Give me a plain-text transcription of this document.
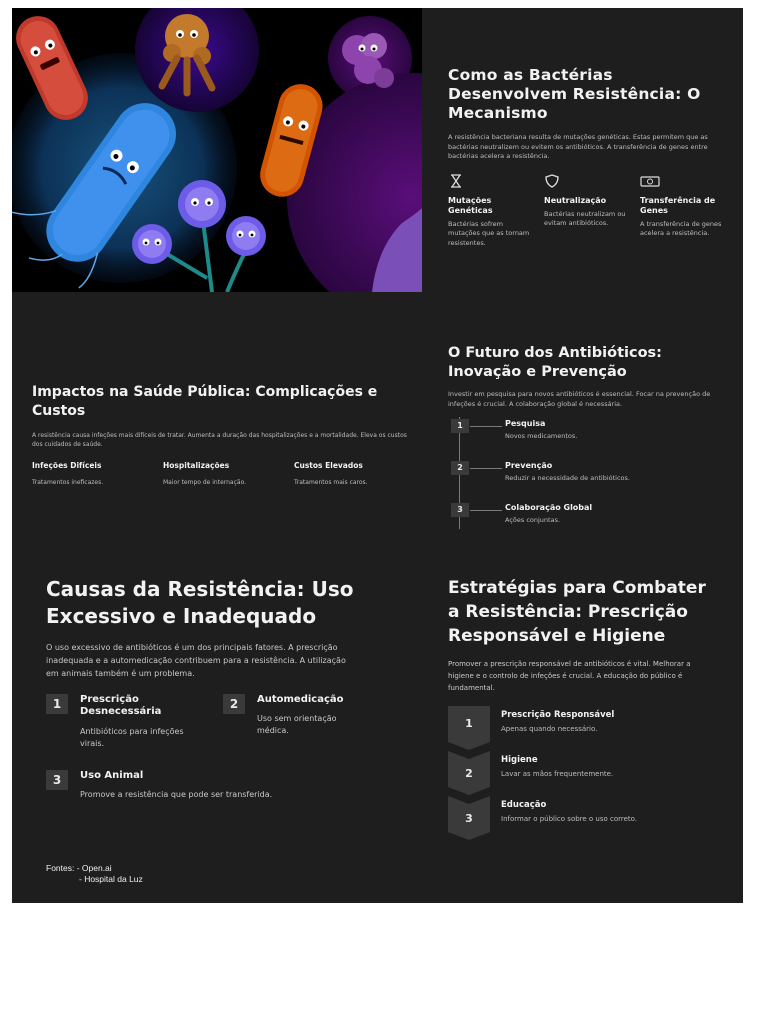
Como as Bactérias Desenvolvem Resistência: O Mecanismo

A resistência bacteriana resulta de mutações genéticas. Estas permitem que as bactérias neutralizem ou evitem os antibióticos. A transferência de genes entre bactérias acelera a resistência.

Mutações Genéticas
Bactérias sofrem mutações que as tornam resistentes.
Neutralização
Bactérias neutralizam ou evitam antibióticos.
Transferência de Genes
A transferência de genes acelera a resistência.
Impactos na Saúde Pública: Complicações e Custos

A resistência causa infeções mais difíceis de tratar. Aumenta a duração das hospitalizações e a mortalidade. Eleva os custos dos cuidados de saúde.

Infeções Difíceis
Tratamentos ineficazes.
Hospitalizações
Maior tempo de internação.
Custos Elevados
Tratamentos mais caros.
O Futuro dos Antibióticos: Inovação e Prevenção

Investir em pesquisa para novos antibióticos é essencial. Focar na prevenção de infeções é crucial. A colaboração global é necessária.

1	Pesquisa
Novos medicamentos.
2	Prevenção
Reduzir a necessidade de antibióticos.
3	Colaboração Global
Ações conjuntas.
Causas da Resistência: Uso Excessivo e Inadequado

O uso excessivo de antibióticos é um dos principais fatores. A prescrição inadequada e a automedicação contribuem para a resistência. A utilização em animais também é um problema.

1	Prescrição Desnecessária
Antibióticos para infeções virais.
2	Automedicação
Uso sem orientação médica.
3	Uso Animal
Promove a resistência que pode ser transferida.
Fontes: - Open.ai
- Hospital da Luz
Estratégias para Combater a Resistência: Prescrição Responsável e Higiene

Promover a prescrição responsável de antibióticos é vital. Melhorar a higiene e o controlo de infeções é crucial. A educação do público é fundamental.

1
Prescrição Responsável
Apenas quando necessário.
2
Higiene
Lavar as mãos frequentemente.
3
Educação
Informar o público sobre o uso correto.
